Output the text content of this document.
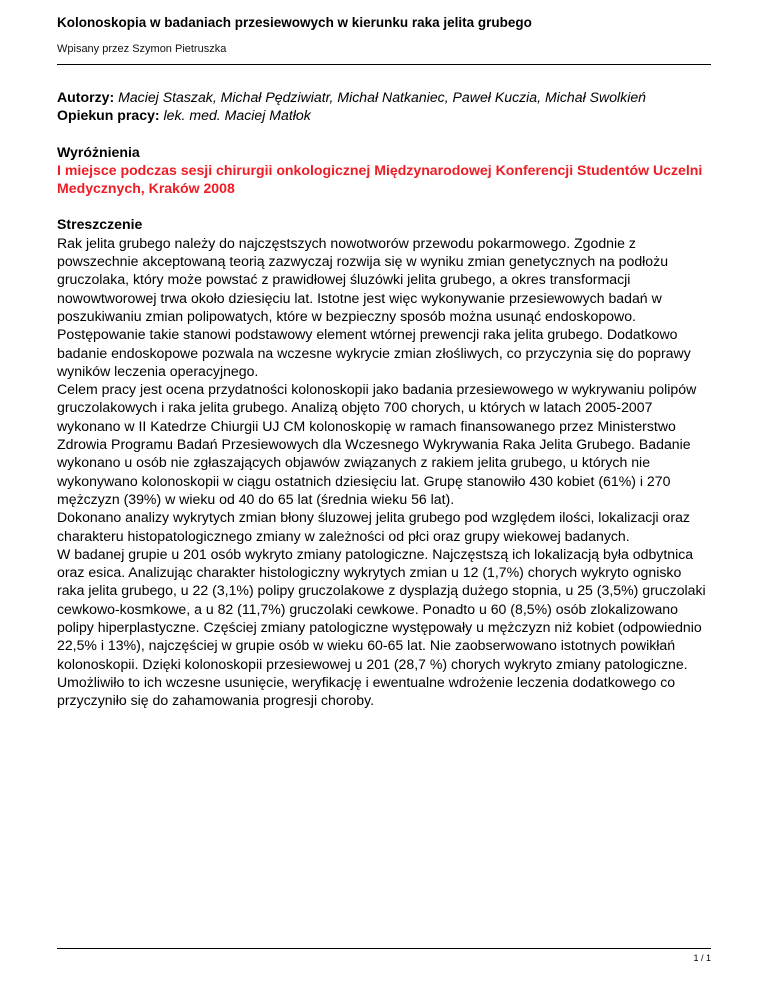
Kolonoskopia w badaniach przesiewowych w kierunku raka jelita grubego

Wpisany przez Szymon Pietruszka

Autorzy: Maciej Staszak, Michał Pędziwiatr, Michał Natkaniec, Paweł Kuczia, Michał Swolkień

Opiekun pracy: lek. med. Maciej Matłok

Wyróżnienia

I miejsce podczas sesji chirurgii onkologicznej Międzynarodowej Konferencji Studentów Uczelni Medycznych, Kraków 2008

Streszczenie

Rak jelita grubego należy do najczęstszych nowotworów przewodu pokarmowego. Zgodnie z powszechnie akceptowaną teorią zazwyczaj rozwija się w wyniku zmian genetycznych na podłożu gruczolaka, który może powstać z prawidłowej śluzówki jelita grubego, a okres transformacji nowowtworowej trwa około dziesięciu lat. Istotne jest więc wykonywanie przesiewowych badań w poszukiwaniu zmian polipowatych, które w bezpieczny sposób można usunąć endoskopowo. Postępowanie takie stanowi podstawowy element wtórnej prewencji raka jelita grubego. Dodatkowo badanie endoskopowe pozwala na wczesne wykrycie zmian złośliwych, co przyczynia się do poprawy wyników leczenia operacyjnego.

Celem pracy jest ocena przydatności kolonoskopii jako badania przesiewowego w wykrywaniu polipów gruczolakowych i raka jelita grubego. Analizą objęto 700 chorych, u których w latach 2005-2007 wykonano w II Katedrze Chiurgii UJ CM kolonoskopię w ramach finansowanego przez Ministerstwo Zdrowia Programu Badań Przesiewowych dla Wczesnego Wykrywania Raka Jelita Grubego. Badanie wykonano u osób nie zgłaszających objawów związanych z rakiem jelita grubego, u których nie wykonywano kolonoskopii w ciągu ostatnich dziesięciu lat. Grupę stanowiło 430 kobiet (61%) i 270 mężczyzn (39%) w wieku od 40 do 65 lat (średnia wieku 56 lat).

Dokonano analizy wykrytych zmian błony śluzowej jelita grubego pod względem ilości, lokalizacji oraz charakteru histopatologicznego zmiany w zależności od płci oraz grupy wiekowej badanych.

W badanej grupie u 201 osób wykryto zmiany patologiczne. Najczęstszą ich lokalizacją była odbytnica oraz esica. Analizując charakter histologiczny wykrytych zmian u 12 (1,7%) chorych wykryto ognisko raka jelita grubego, u 22 (3,1%) polipy gruczolakowe z dysplazją dużego stopnia, u 25 (3,5%) gruczolaki cewkowo-kosmkowe, a u 82 (11,7%) gruczolaki cewkowe. Ponadto u 60 (8,5%) osób zlokalizowano polipy hiperplastyczne. Częściej zmiany patologiczne występowały u mężczyzn niż kobiet (odpowiednio 22,5% i 13%), najczęściej w grupie osób w wieku 60-65 lat. Nie zaobserwowano istotnych powikłań kolonoskopii. Dzięki kolonoskopii przesiewowej u 201 (28,7 %) chorych wykryto zmiany patologiczne. Umożliwiło to ich wczesne usunięcie, weryfikację i ewentualne wdrożenie leczenia dodatkowego co przyczyniło się do zahamowania progresji choroby.

1 / 1
